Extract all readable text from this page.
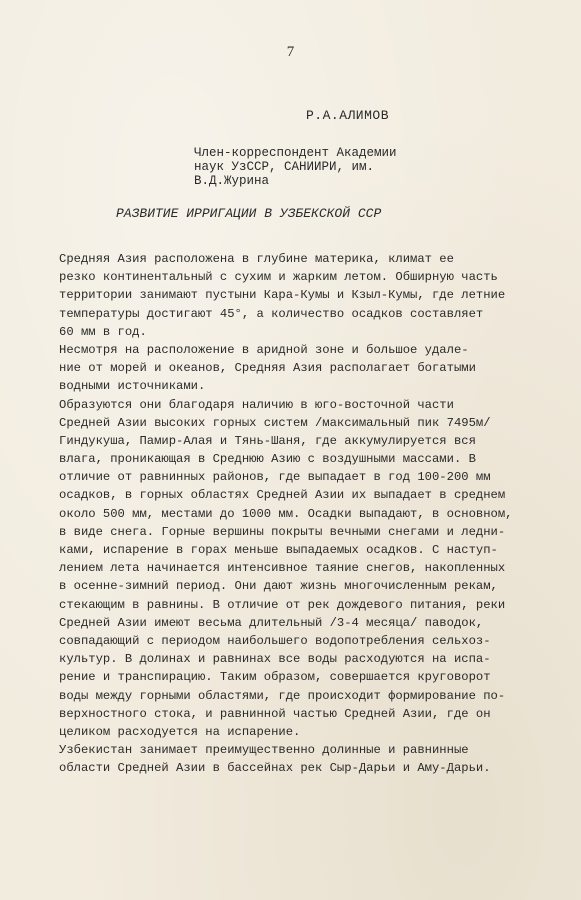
7
Р.А.АЛИМОВ
Член-корреспондент Академии
наук УзССР, САНИИРИ, им.
В.Д.Журина
РАЗВИТИЕ ИРРИГАЦИИ В УЗБЕКСКОЙ ССР
Средняя Азия расположена в глубине материка, климат ее
резко континентальный с сухим и жарким летом. Обширную часть
территории занимают пустыни Кара-Кумы и Кзыл-Кумы, где летние
температуры достигают 45°, а количество осадков составляет
60 мм в год.
Несмотря на расположение в аридной зоне и большое удале-
ние от морей и океанов, Средняя Азия располагает богатыми
водными источниками.
Образуются они благодаря наличию в юго-восточной части
Средней Азии высоких горных систем /максимальный пик 7495м/
Гиндукуша, Памир-Алая и Тянь-Шаня, где аккумулируется вся
влага, проникающая в Среднюю Азию с воздушными массами. В
отличие от равнинных районов, где выпадает в год 100-200 мм
осадков, в горных областях Средней Азии их выпадает в среднем
около 500 мм, местами до 1000 мм. Осадки выпадают, в основном,
в виде снега. Горные вершины покрыты вечными снегами и ледни-
ками, испарение в горах меньше выпадаемых осадков. С наступ-
лением лета начинается интенсивное таяние снегов, накопленных
в осенне-зимний период. Они дают жизнь многочисленным рекам,
стекающим в равнины. В отличие от рек дождевого питания, реки
Средней Азии имеют весьма длительный /3-4 месяца/ паводок,
совпадающий с периодом наибольшего водопотребления сельхоз-
культур. В долинах и равнинах все воды расходуются на испа-
рение и транспирацию. Таким образом, совершается круговорот
воды между горными областями, где происходит формирование по-
верхностного стока, и равнинной частью Средней Азии, где он
целиком расходуется на испарение.
Узбекистан занимает преимущественно долинные и равнинные
области Средней Азии в бассейнах рек Сыр-Дарьи и Аму-Дарьи.
